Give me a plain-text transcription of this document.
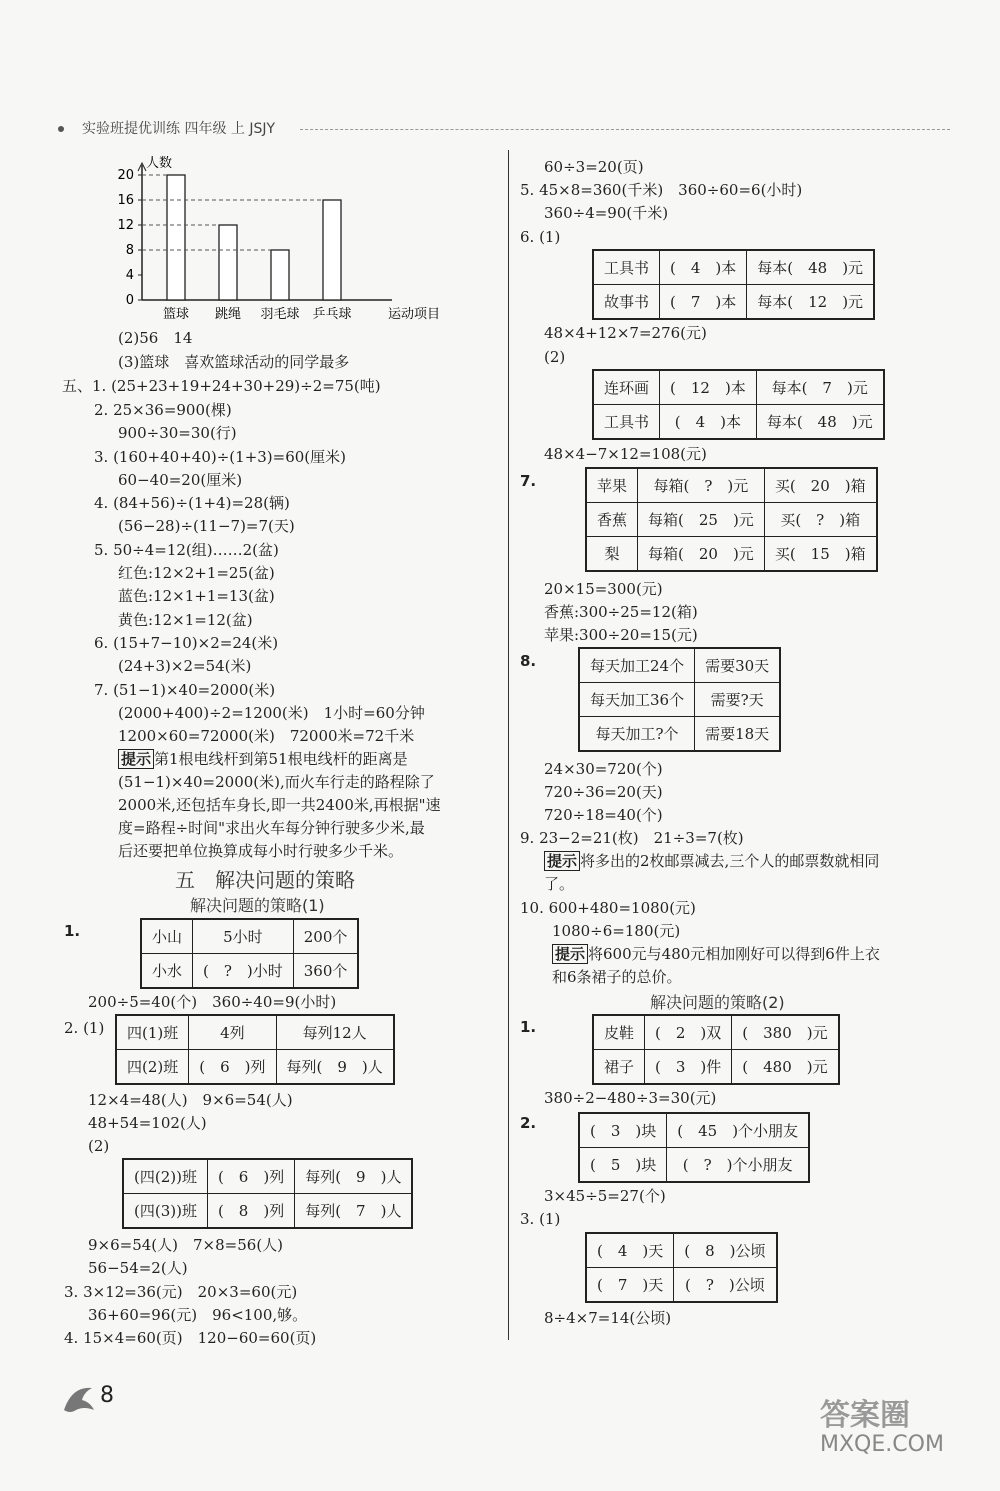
实验班提优训练 四年级 上 JSJY
人数
20
16
12
8
4
0
篮球 跳绳 羽毛球 乒乓球	运动项目
(2)56　14
(3)篮球　喜欢篮球活动的同学最多
五、1. (25+23+19+24+30+29)÷2=75(吨)
2. 25×36=900(棵)
900÷30=30(行)
3. (160+40+40)÷(1+3)=60(厘米)
60−40=20(厘米)
4. (84+56)÷(1+4)=28(辆)
(56−28)÷(11−7)=7(天)
5. 50÷4=12(组)……2(盆)
红色:12×2+1=25(盆)
蓝色:12×1+1=13(盆)
黄色:12×1=12(盆)
6. (15+7−10)×2=24(米)
(24+3)×2=54(米)
7. (51−1)×40=2000(米)
(2000+400)÷2=1200(米)　1小时=60分钟
1200×60=72000(米)　72000米=72千米
提示 第1根电线杆到第51根电线杆的距离是
(51−1)×40=2000(米),而火车行走的路程除了
2000米,还包括车身长,即一共2400米,再根据"速
度=路程÷时间"求出火车每分钟行驶多少米,最
后还要把单位换算成每小时行驶多少千米。
五　解决问题的策略
解决问题的策略(1)
1.	小山	5小时	200个
小水	(　?　)小时	360个
200÷5=40(个)　360÷40=9(小时)
2. (1) 四(1)班	4列	每列12人
四(2)班	(　6　)列	每列(　9　)人
12×4=48(人)　9×6=54(人)
48+54=102(人)
(2)
(四(2))班	(　6　)列	每列(　9　)人
(四(3))班	(　8　)列	每列(　7　)人
9×6=54(人)　7×8=56(人)
56−54=2(人)
3. 3×12=36(元)　20×3=60(元)
36+60=96(元)　96<100,够。
4. 15×4=60(页)　120−60=60(页)
8
60÷3=20(页)
5. 45×8=360(千米)　360÷60=6(小时)
360÷4=90(千米)
6. (1)
工具书	(　4　)本	每本(　48　)元
故事书	(　7　)本	每本(　12　)元
48×4+12×7=276(元)
(2)
连环画	(　12　)本	每本(　7　)元
工具书	(　4　)本	每本(　48　)元
48×4−7×12=108(元)
7.	苹果	每箱(　?　)元	买(　20　)箱
香蕉	每箱(　25　)元	买(　?　)箱
梨	每箱(　20　)元	买(　15　)箱
20×15=300(元)
香蕉:300÷25=12(箱)
苹果:300÷20=15(元)
8.	每天加工24个	需要30天
每天加工36个	需要?天
每天加工?个	需要18天
24×30=720(个)
720÷36=20(天)
720÷18=40(个)
9. 23−2=21(枚)　21÷3=7(枚)
提示 将多出的2枚邮票减去,三个人的邮票数就相同
了。
10. 600+480=1080(元)
1080÷6=180(元)
提示 将600元与480元相加刚好可以得到6件上衣
和6条裙子的总价。
解决问题的策略(2)
1.	皮鞋	(　2　)双	(　380　)元
裙子	(　3　)件	(　480　)元
380÷2−480÷3=30(元)
2.	(　3　)块	(　45　)个小朋友
(　5　)块	(　?　)个小朋友
3×45÷5=27(个)
3. (1)
(　4　)天	(　8　)公顷
(　7　)天	(　?　)公顷
8÷4×7=14(公顷)
答案圈
MXQE.COM
